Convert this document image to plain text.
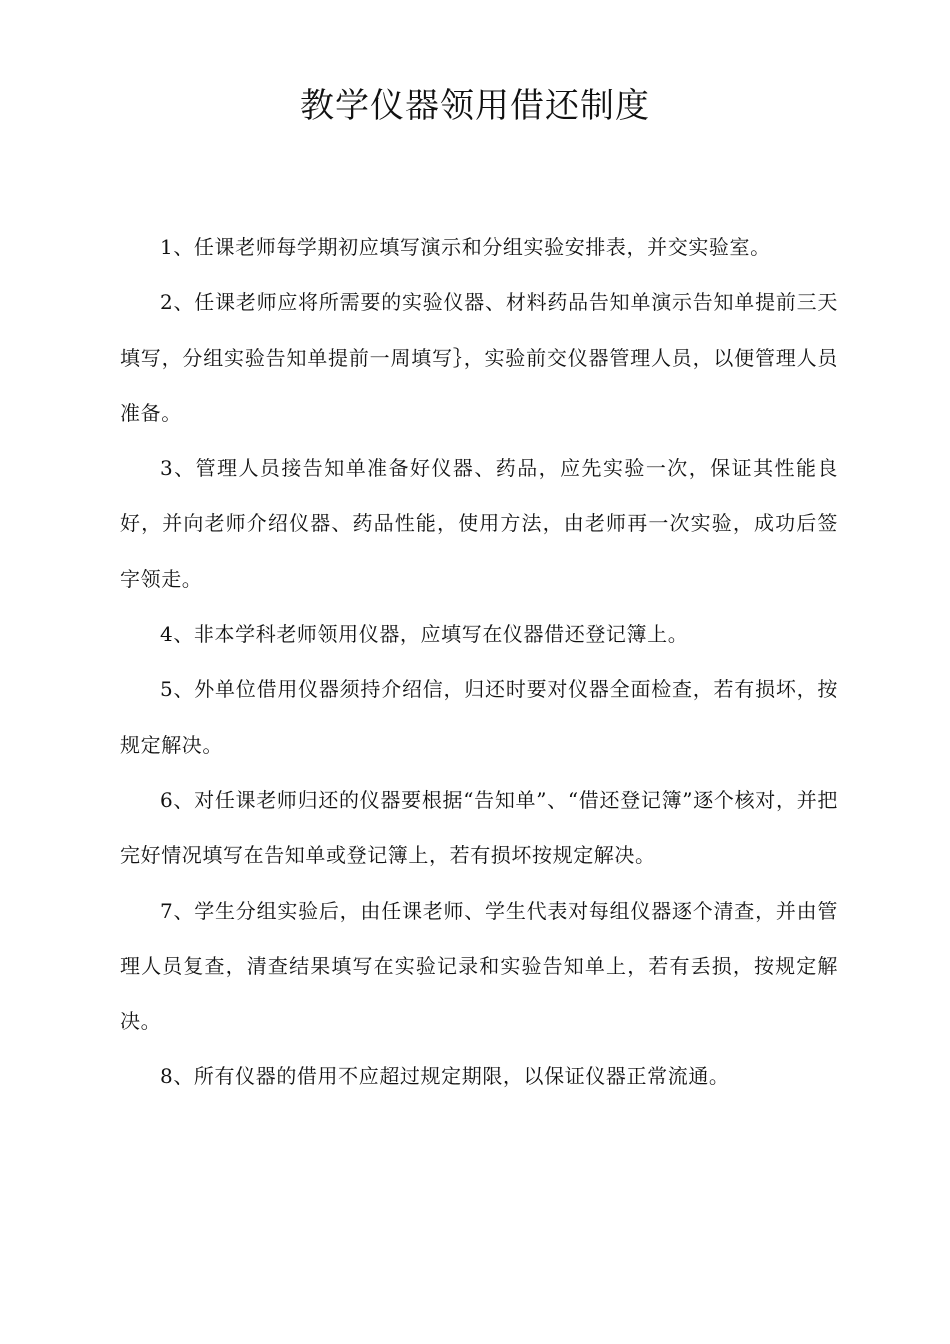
教学仪器领用借还制度

1、任课老师每学期初应填写演示和分组实验安排表，并交实验室。

2、任课老师应将所需要的实验仪器、材料药品告知单演示告知单提前三天填写，分组实验告知单提前一周填写｝，实验前交仪器管理人员，以便管理人员准备。

3、管理人员接告知单准备好仪器、药品，应先实验一次，保证其性能良好，并向老师介绍仪器、药品性能，使用方法，由老师再一次实验，成功后签字领走。

4、非本学科老师领用仪器，应填写在仪器借还登记簿上。

5、外单位借用仪器须持介绍信，归还时要对仪器全面检查，若有损坏，按规定解决。

6、对任课老师归还的仪器要根据“告知单”、“借还登记簿”逐个核对，并把完好情况填写在告知单或登记簿上，若有损坏按规定解决。

7、学生分组实验后，由任课老师、学生代表对每组仪器逐个清查，并由管理人员复查，清查结果填写在实验记录和实验告知单上，若有丢损，按规定解决。

8、所有仪器的借用不应超过规定期限，以保证仪器正常流通。
